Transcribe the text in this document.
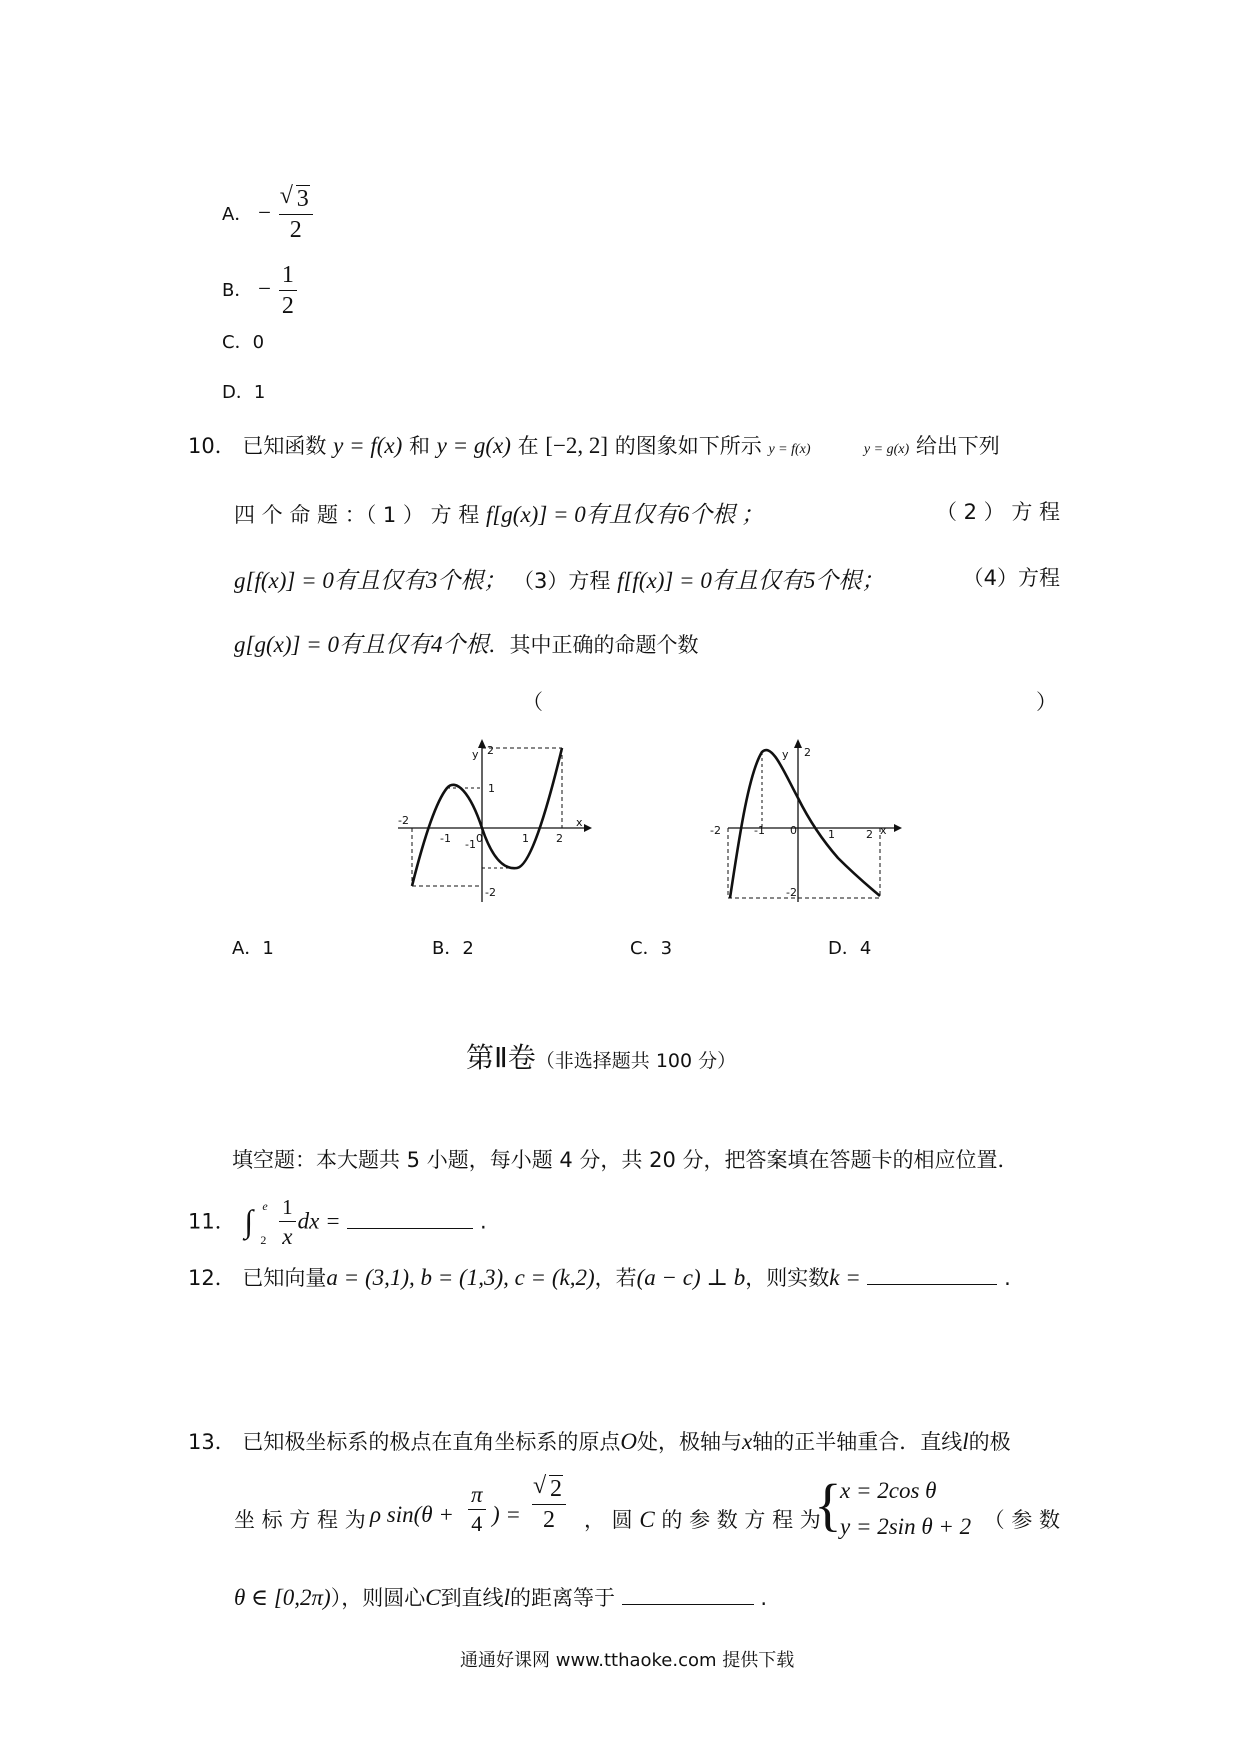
A． − √ $\frac{3}{2}$
B． − $\frac{1}{2}$
C．0
D．1
10． 已知函数 y = f(x) 和 y = g(x) 在 [−2, 2] 的图象如下所示 y = f(x)	y = g(x) 给出下列
四 个 命 题 ：（ 1 ） 方 程 f[g(x)] = 0有且仅有6个根 ；	（ 2 ） 方 程
g[f(x)] = 0有且仅有3个根； （3）方程 f[f(x)] = 0有且仅有5个根；	（4）方程
g[g(x)] = 0有且仅有4个根．其中正确的命题个数
（	）
y 2
1
-1
-2
-2
-1 0	1 2
x
y 2
-2
-2	-1 0	1	2 x
A．1	B．2	C．3	D．4
第Ⅱ卷（非选择题共 100 分）
填空题：本大题共 5 小题，每小题 4 分，共 20 分，把答案填在答题卡的相应位置．
11． ∫ e
2
$\frac{1}{x}$ dx =	.
12． 已知向量a = (3,1), b = (1,3), c = (k,2)，若(a − c) ⊥ b，则实数k =	.
13． 已知极坐标系的极点在直角坐标系的原点O处，极轴与x轴的正半轴重合．直线l的极
坐 标 方 程 为 ρ $\sin(\theta + \frac{\pi}{4}$ ) = √ $\frac{2}{2}$ ， 圆 C 的 参 数 方 程 为
{
x = 2cos θ
y = 2sin θ + 2 （ 参 数
θ ∈ [0,2π)），则圆心C到直线l的距离等于	.
通通好课网 www.tthaoke.com 提供下载
